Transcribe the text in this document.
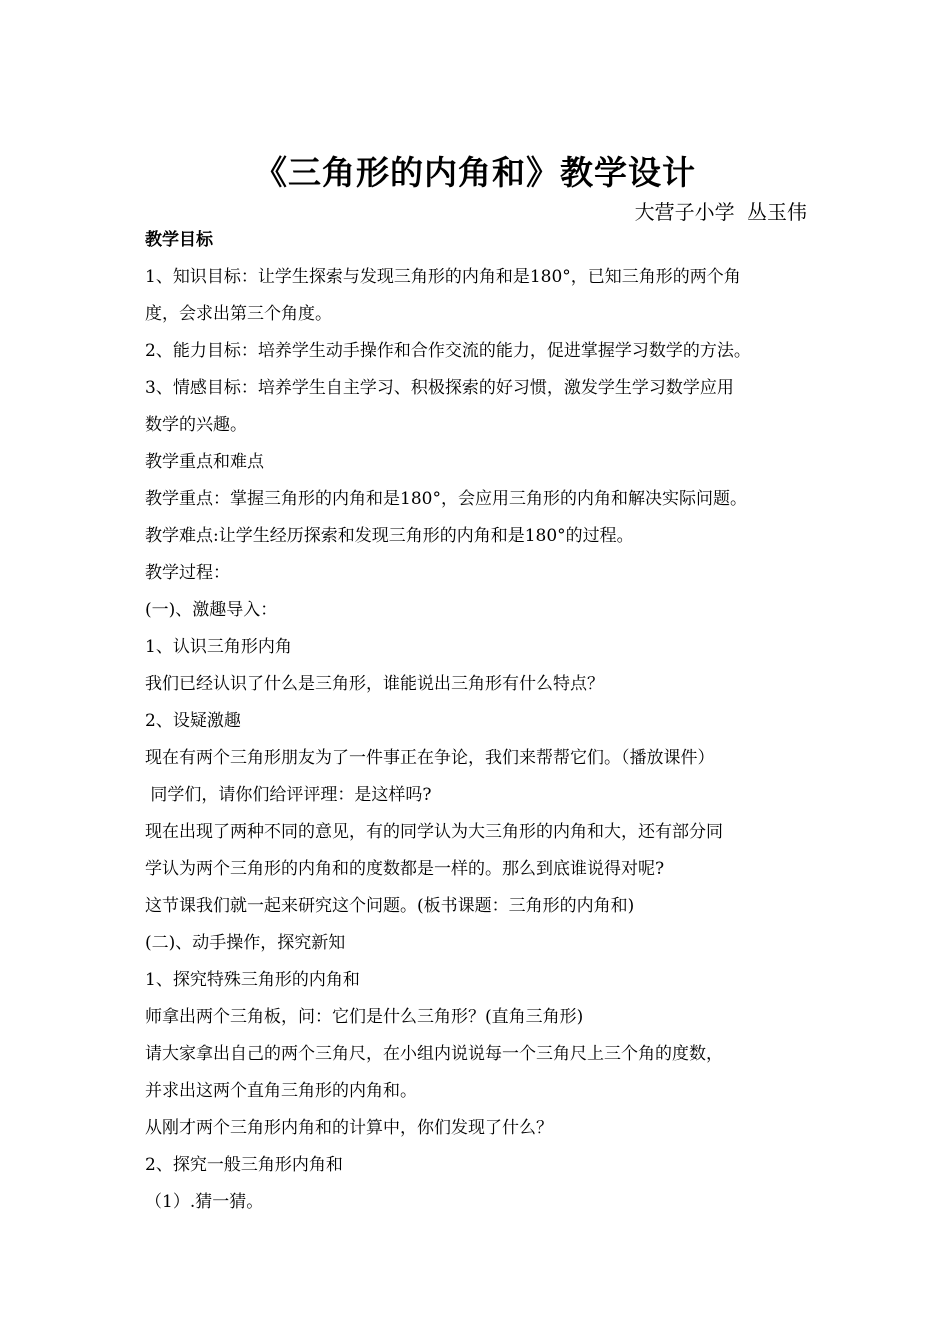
《三角形的内角和》教学设计
大营子小学 丛玉伟
教学目标
1、知识目标：让学生探索与发现三角形的内角和是180°，已知三角形的两个角
度，会求出第三个角度。
2、能力目标：培养学生动手操作和合作交流的能力，促进掌握学习数学的方法。
3、情感目标：培养学生自主学习、积极探索的好习惯，激发学生学习数学应用
数学的兴趣。
教学重点和难点
教学重点：掌握三角形的内角和是180°，会应用三角形的内角和解决实际问题。
教学难点:让学生经历探索和发现三角形的内角和是180°的过程。
教学过程：
(一)、激趣导入：
1、认识三角形内角
我们已经认识了什么是三角形，谁能说出三角形有什么特点？
2、设疑激趣
现在有两个三角形朋友为了一件事正在争论，我们来帮帮它们。（播放课件）
同学们，请你们给评评理：是这样吗?
现在出现了两种不同的意见，有的同学认为大三角形的内角和大，还有部分同
学认为两个三角形的内角和的度数都是一样的。那么到底谁说得对呢?
这节课我们就一起来研究这个问题。(板书课题：三角形的内角和)
(二)、动手操作，探究新知
1、探究特殊三角形的内角和
师拿出两个三角板，问：它们是什么三角形？(直角三角形)
请大家拿出自己的两个三角尺，在小组内说说每一个三角尺上三个角的度数，
并求出这两个直角三角形的内角和。
从刚才两个三角形内角和的计算中，你们发现了什么？
2、探究一般三角形内角和
（1）.猜一猜。
